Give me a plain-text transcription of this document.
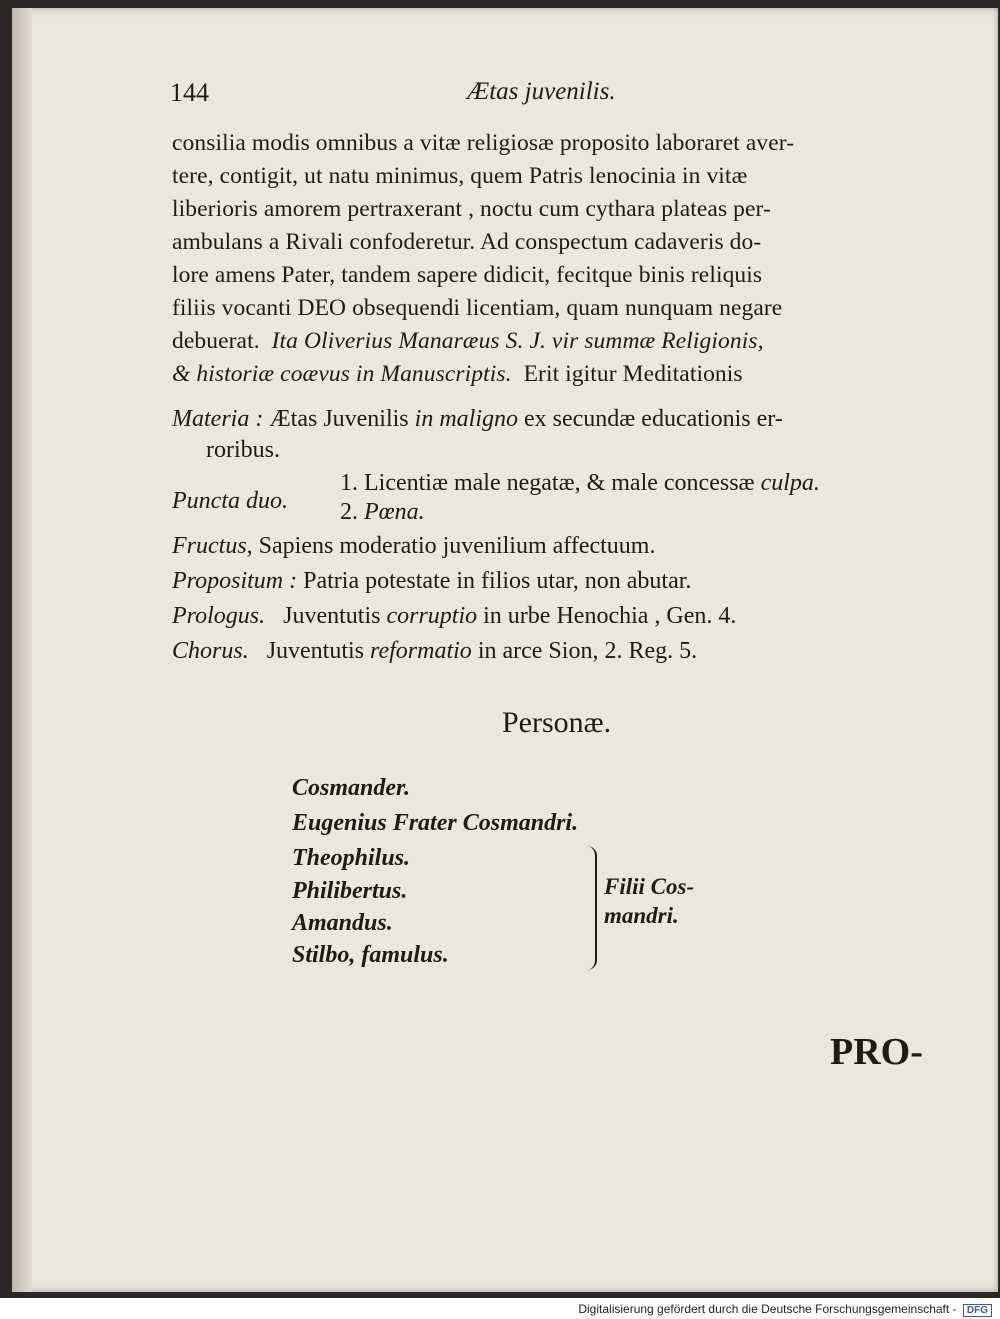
144	Ætas juvenilis.
consilia modis omnibus a vitæ religiosæ proposito laboraret aver-
tere, contigit, ut natu minimus, quem Patris lenocinia in vitæ
liberioris amorem pertraxerant , noctu cum cythara plateas per-
ambulans a Rivali confoderetur. Ad conspectum cadaveris do-
lore amens Pater, tandem sapere didicit, fecitque binis reliquis
filiis vocanti DEO obsequendi licentiam, quam nunquam negare
debuerat. Ita Oliverius Manaræus S. J. vir summæ Religionis,
& historiæ coævus in Manuscriptis. Erit igitur Meditationis
Materia : Ætas Juvenilis in maligno ex secundæ educationis er-
roribus.
1. Licentiæ male negatæ, & male concessæ culpa.
Puncta duo. 2. Pœna.
Fructus, Sapiens moderatio juvenilium affectuum.
Propositum : Patria potestate in filios utar, non abutar.
Prologus. Juventutis corruptio in urbe Henochia , Gen. 4.
Chorus. Juventutis reformatio in arce Sion, 2. Reg. 5.
Personæ.
Cosmander.
Eugenius Frater Cosmandri.
Theophilus.
Philibertus.
Amandus.
Stilbo, famulus.
Filii Cos-
mandri.
PRO-
Digitalisierung gefördert durch die Deutsche Forschungsgemeinschaft - DFG
